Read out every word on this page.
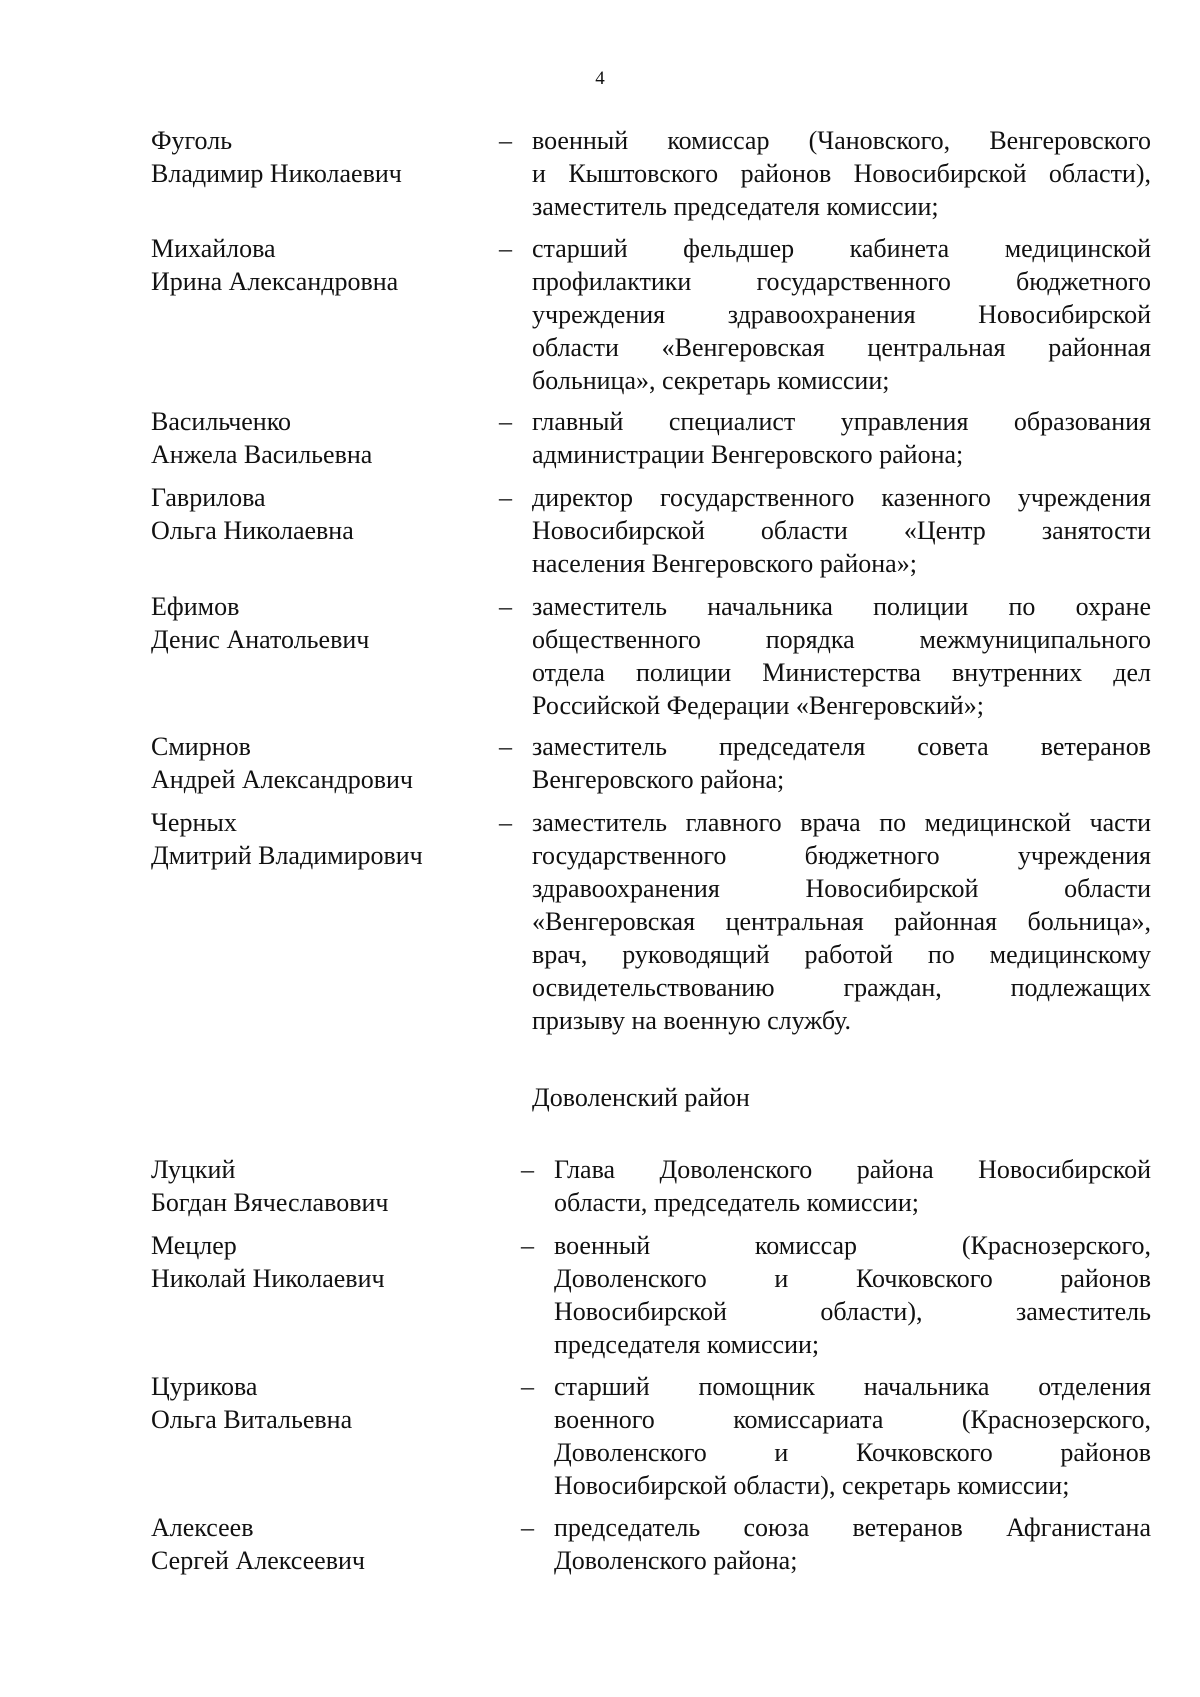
4
Доволенский район
Фуголь
Владимир Николаевич
– военный комиссар (Чановского, Венгеровского
и Кыштовского районов Новосибирской области),
заместитель председателя комиссии;
Михайлова
Ирина Александровна
– старший фельдшер кабинета медицинской
профилактики государственного бюджетного
учреждения здравоохранения Новосибирской
области «Венгеровская центральная районная
больница», секретарь комиссии;
Васильченко
Анжела Васильевна
– главный специалист управления образования
администрации Венгеровского района;
Гаврилова
Ольга Николаевна
– директор государственного казенного учреждения
Новосибирской области «Центр занятости
населения Венгеровского района»;
Ефимов
Денис Анатольевич
– заместитель начальника полиции по охране
общественного порядка межмуниципального
отдела полиции Министерства внутренних дел
Российской Федерации «Венгеровский»;
Смирнов
Андрей Александрович
– заместитель председателя совета ветеранов
Венгеровского района;
Черных
Дмитрий Владимирович
– заместитель главного врача по медицинской части
государственного бюджетного учреждения
здравоохранения Новосибирской области
«Венгеровская центральная районная больница»,
врач, руководящий работой по медицинскому
освидетельствованию граждан, подлежащих
призыву на военную службу.
Луцкий
Богдан Вячеславович
– Глава Доволенского района Новосибирской
области, председатель комиссии;
Мецлер
Николай Николаевич
– военный комиссар (Краснозерского,
Доволенского и Кочковского районов
Новосибирской области), заместитель
председателя комиссии;
Цурикова
Ольга Витальевна
– старший помощник начальника отделения
военного комиссариата (Краснозерского,
Доволенского и Кочковского районов
Новосибирской области), секретарь комиссии;
Алексеев
Сергей Алексеевич
– председатель союза ветеранов Афганистана
Доволенского района;
